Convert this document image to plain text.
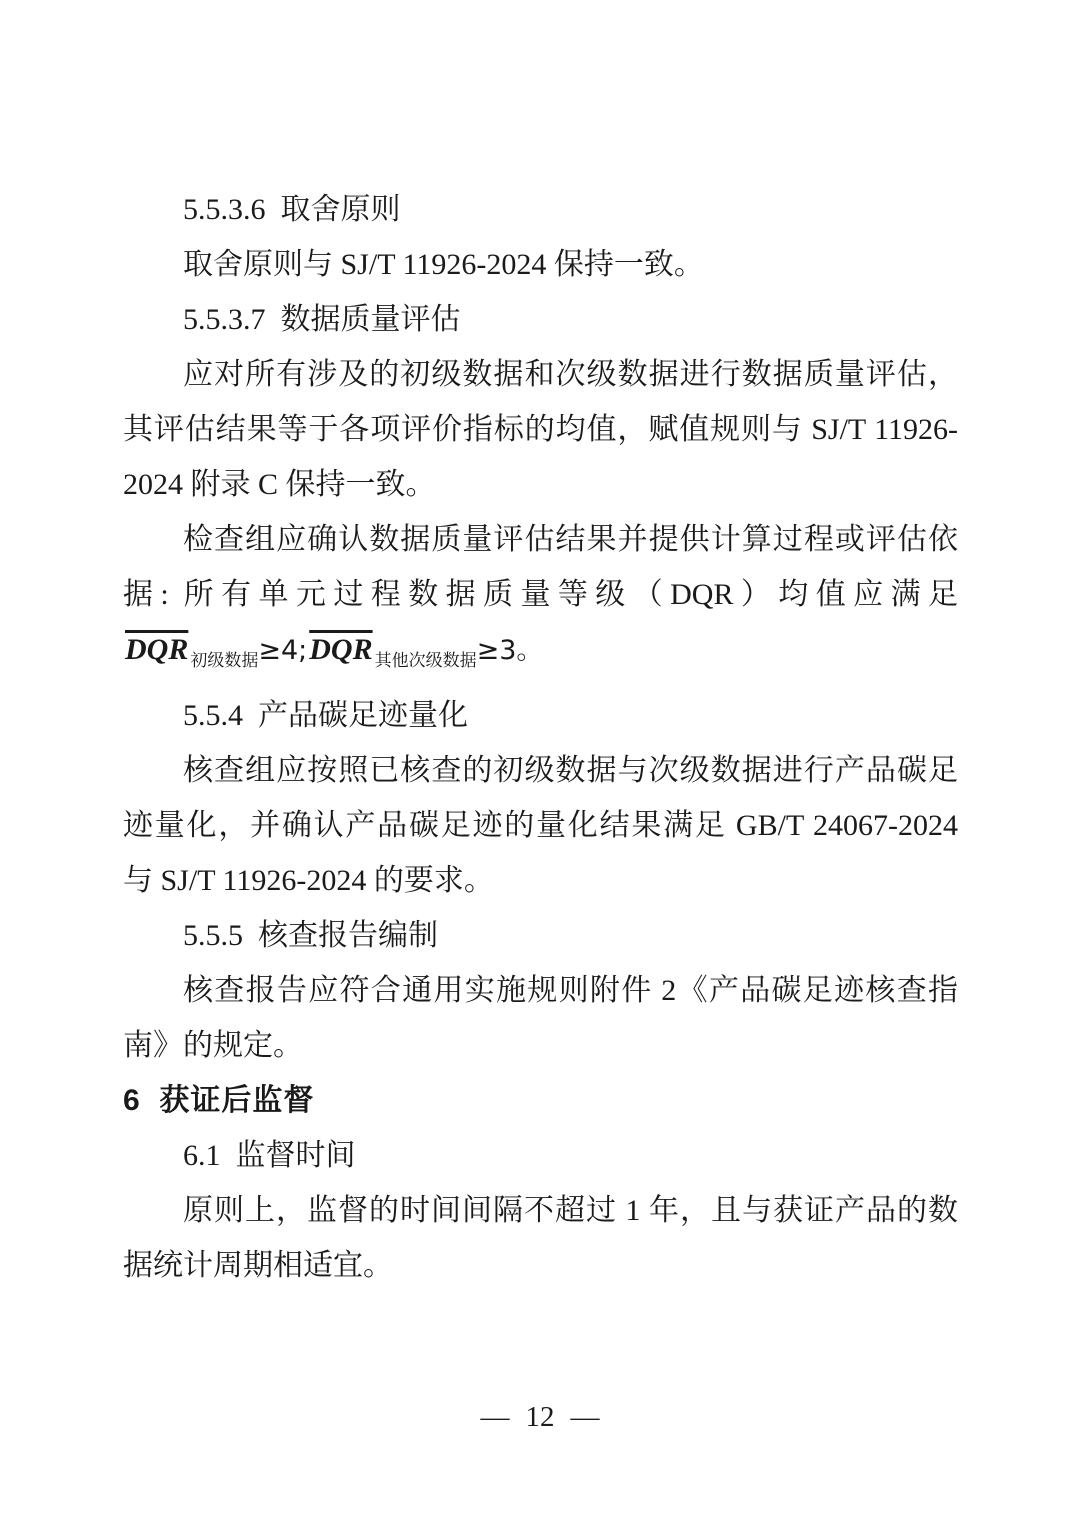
5.5.3.6  取舍原则

取舍原则与 SJ/T 11926-2024 保持一致。

5.5.3.7  数据质量评估

应对所有涉及的初级数据和次级数据进行数据质量评估，其评估结果等于各项评价指标的均值，赋值规则与 SJ/T 11926-2024 附录 C 保持一致。

检查组应确认数据质量评估结果并提供计算过程或评估依据: 所有单元过程数据质量等级（DQR）均值应满足$\overline{DQR}$ $_{初级数据}\ge 4;\overline{DQR}$ $_{其他次级数据}$≥3。

5.5.4  产品碳足迹量化

核查组应按照已核查的初级数据与次级数据进行产品碳足迹量化，并确认产品碳足迹的量化结果满足 GB/T 24067-2024 与 SJ/T 11926-2024 的要求。

5.5.5  核查报告编制

核查报告应符合通用实施规则附件 2《产品碳足迹核查指南》的规定。

6  获证后监督

6.1  监督时间

原则上，监督的时间间隔不超过 1 年，且与获证产品的数据统计周期相适宜。

— 12 —
